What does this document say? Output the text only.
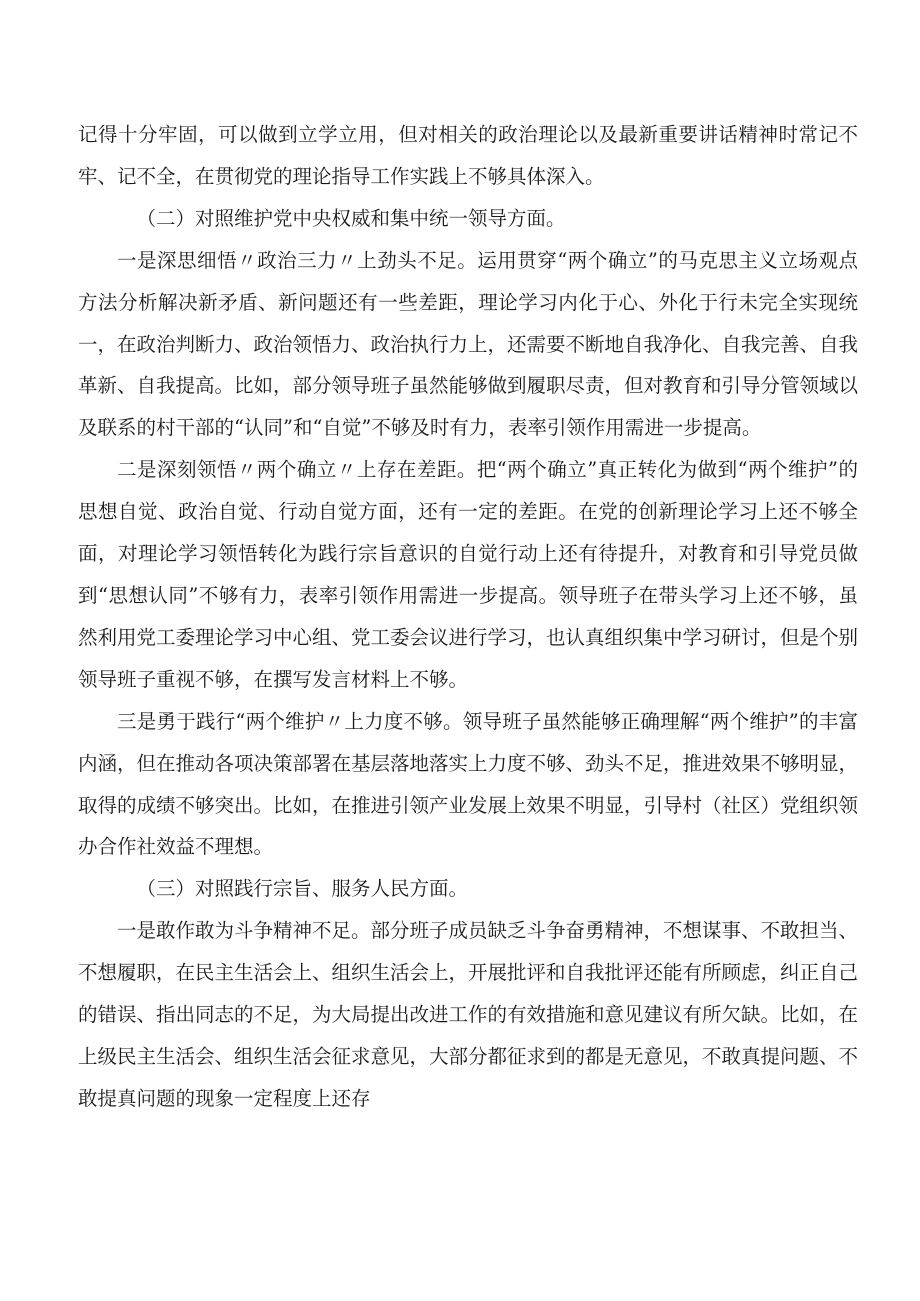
记得十分牢固，可以做到立学立用，但对相关的政治理论以及最新重要讲话精神时常记不牢、记不全，在贯彻党的理论指导工作实践上不够具体深入。

（二）对照维护党中央权威和集中统一领导方面。

一是深思细悟〃政治三力〃上劲头不足。运用贯穿“两个确立”的马克思主义立场观点方法分析解决新矛盾、新问题还有一些差距，理论学习内化于心、外化于行未完全实现统一，在政治判断力、政治领悟力、政治执行力上，还需要不断地自我净化、自我完善、自我革新、自我提高。比如，部分领导班子虽然能够做到履职尽责，但对教育和引导分管领域以及联系的村干部的“认同”和“自觉”不够及时有力，表率引领作用需进一步提高。

二是深刻领悟〃两个确立〃上存在差距。把“两个确立”真正转化为做到“两个维护”的思想自觉、政治自觉、行动自觉方面，还有一定的差距。在党的创新理论学习上还不够全面，对理论学习领悟转化为践行宗旨意识的自觉行动上还有待提升，对教育和引导党员做到“思想认同”不够有力，表率引领作用需进一步提高。领导班子在带头学习上还不够，虽然利用党工委理论学习中心组、党工委会议进行学习，也认真组织集中学习研讨，但是个别领导班子重视不够，在撰写发言材料上不够。

三是勇于践行“两个维护〃上力度不够。领导班子虽然能够正确理解“两个维护”的丰富内涵，但在推动各项决策部署在基层落地落实上力度不够、劲头不足，推进效果不够明显，取得的成绩不够突出。比如，在推进引领产业发展上效果不明显，引导村（社区）党组织领办合作社效益不理想。

（三）对照践行宗旨、服务人民方面。

一是敢作敢为斗争精神不足。部分班子成员缺乏斗争奋勇精神，不想谋事、不敢担当、不想履职，在民主生活会上、组织生活会上，开展批评和自我批评还能有所顾虑，纠正自己的错误、指出同志的不足，为大局提出改进工作的有效措施和意见建议有所欠缺。比如，在上级民主生活会、组织生活会征求意见，大部分都征求到的都是无意见，不敢真提问题、不敢提真问题的现象一定程度上还存
